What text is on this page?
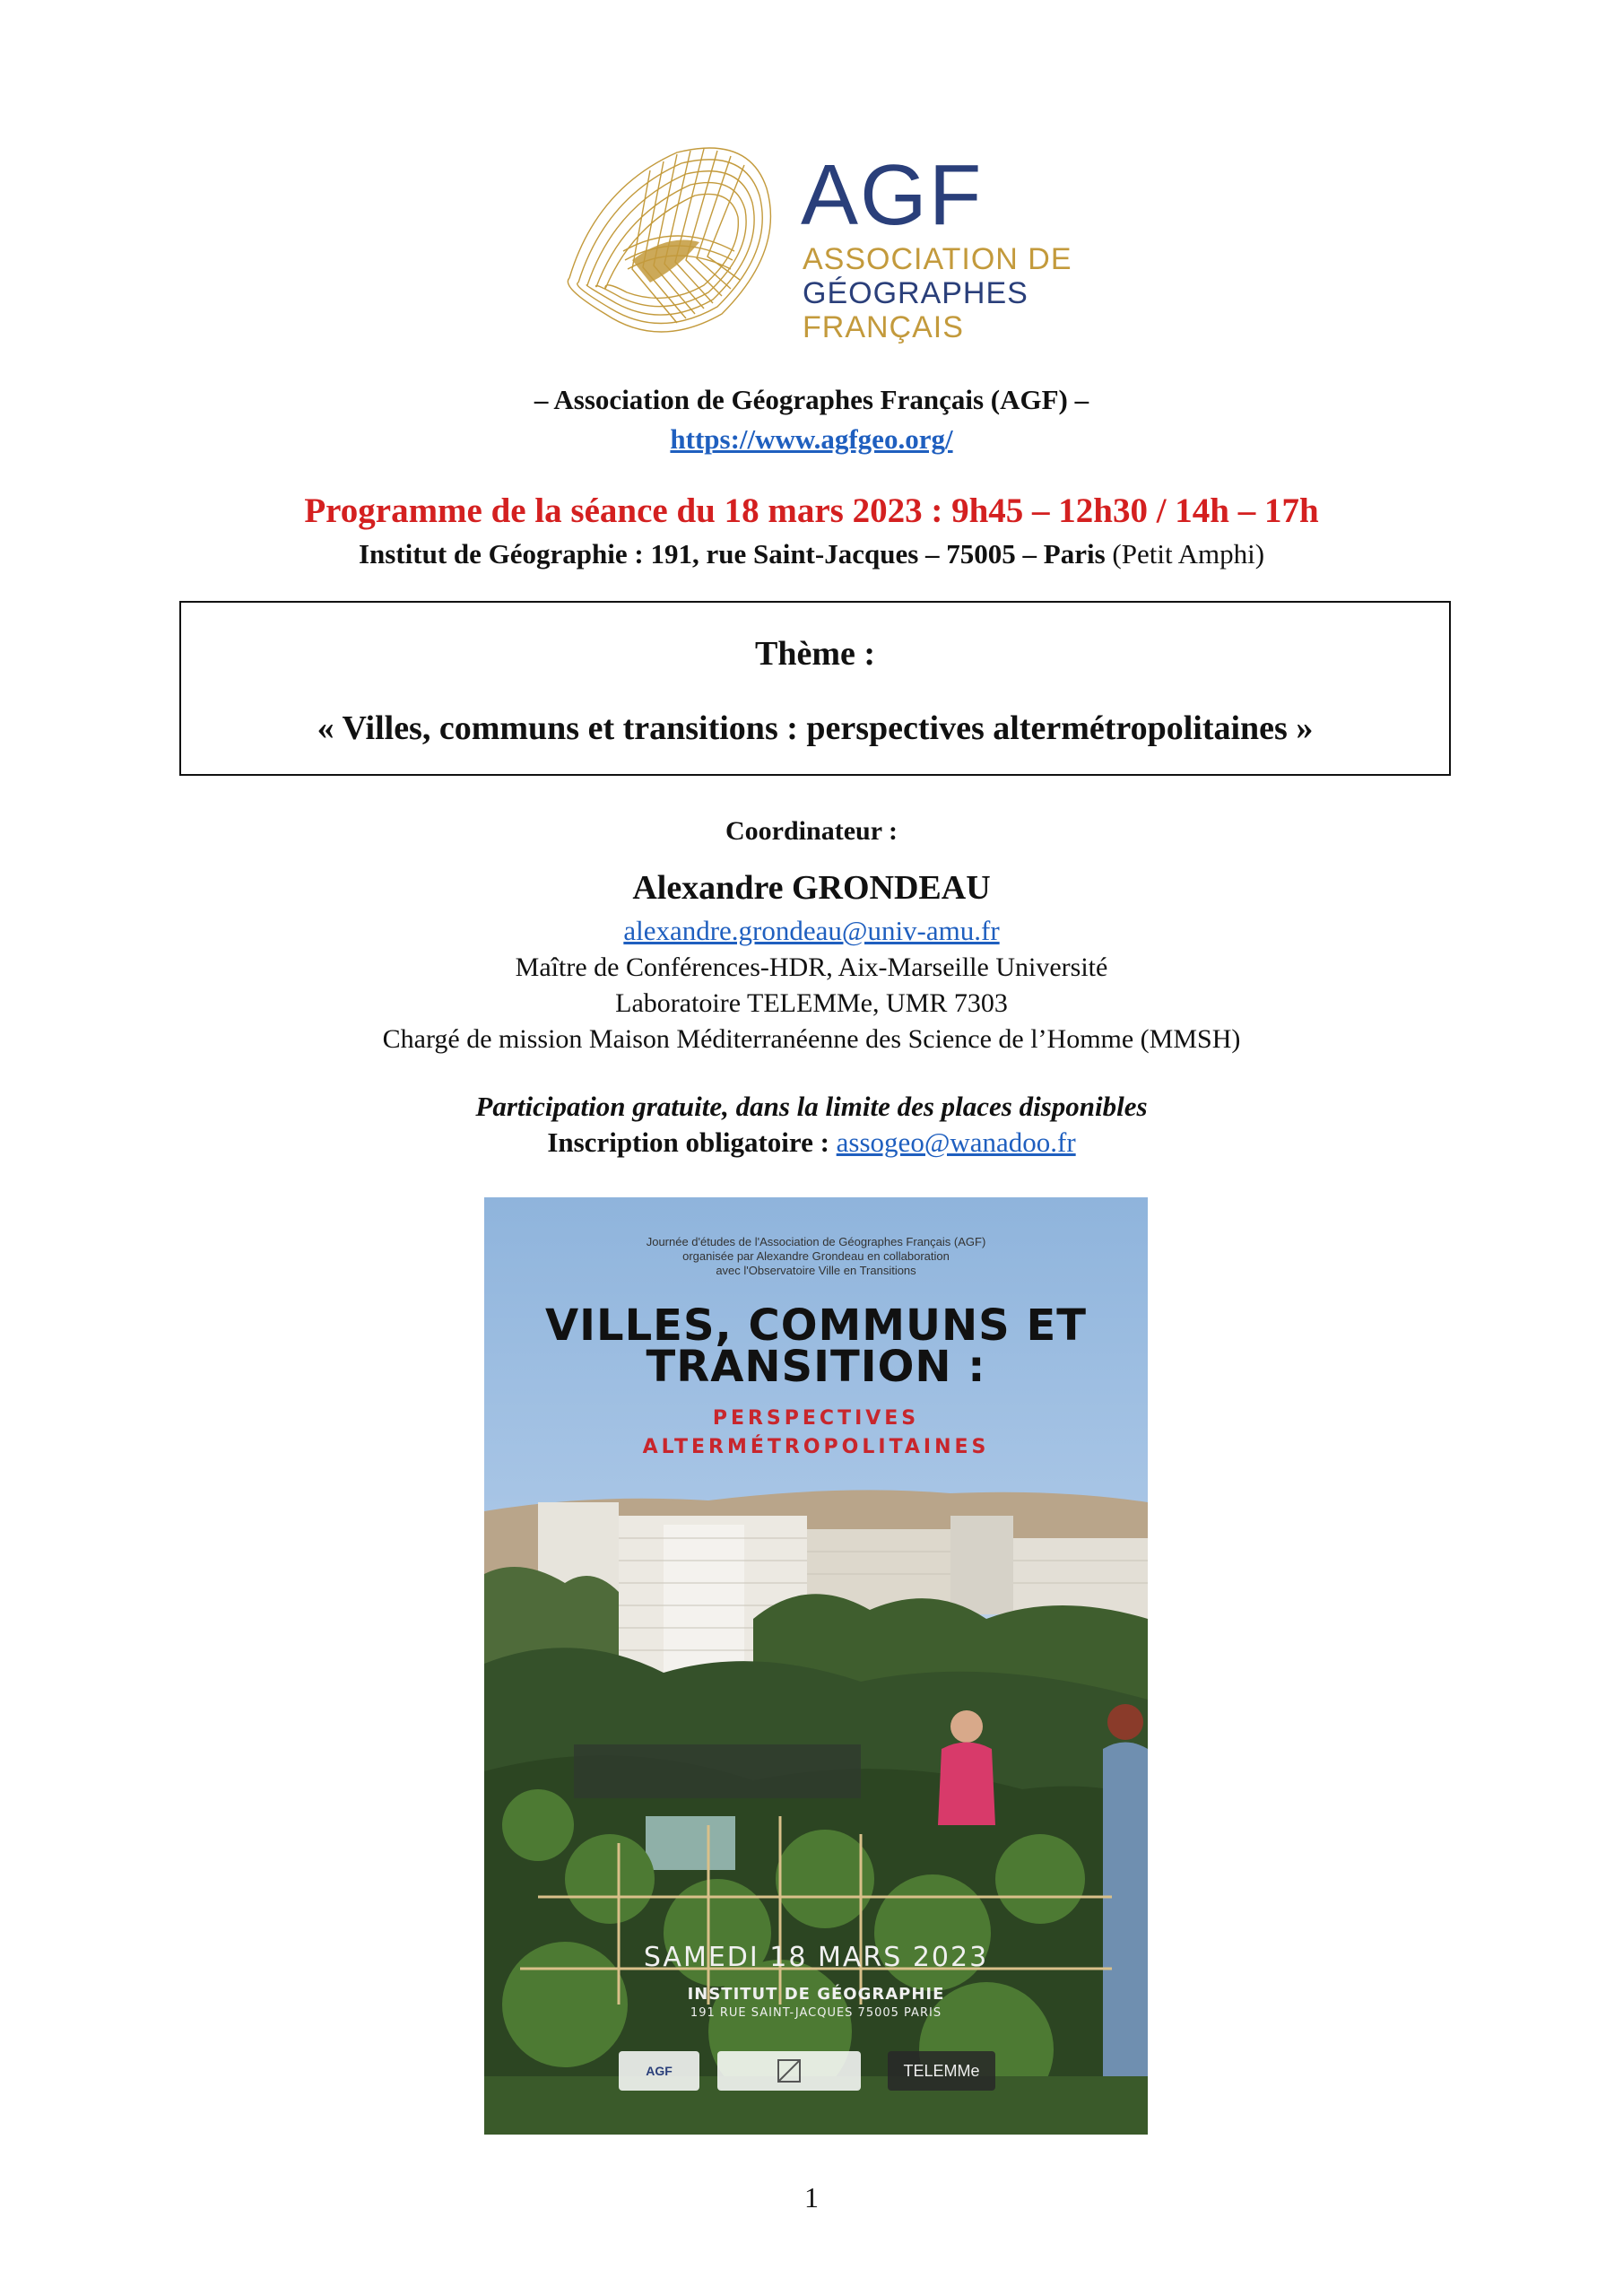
AGF
ASSOCIATION DE
GÉOGRAPHES
FRANÇAIS
– Association de Géographes Français (AGF) –
https://www.agfgeo.org/
Programme de la séance du 18 mars 2023 : 9h45 – 12h30 / 14h – 17h
Institut de Géographie : 191, rue Saint-Jacques – 75005 – Paris (Petit Amphi)
Thème :
« Villes, communs et transitions : perspectives altermétropolitaines »
Coordinateur :
Alexandre GRONDEAU
alexandre.grondeau@univ-amu.fr
Maître de Conférences-HDR, Aix-Marseille Université
Laboratoire TELEMMe, UMR 7303
Chargé de mission Maison Méditerranéenne des Science de l’Homme (MMSH)
Participation gratuite, dans la limite des places disponibles
Inscription obligatoire : assogeo@wanadoo.fr
Journée d'études de l'Association de Géographes Français (AGF)
organisée par Alexandre Grondeau en collaboration
avec l'Observatoire Ville en Transitions
VILLES, COMMUNS ET
TRANSITION :
PERSPECTIVES
ALTERMÉTROPOLITAINES
SAMEDI 18 MARS 2023
INSTITUT DE GÉOGRAPHIE
191 RUE SAINT-JACQUES 75005 PARIS
AGF	TELEMMe
1
